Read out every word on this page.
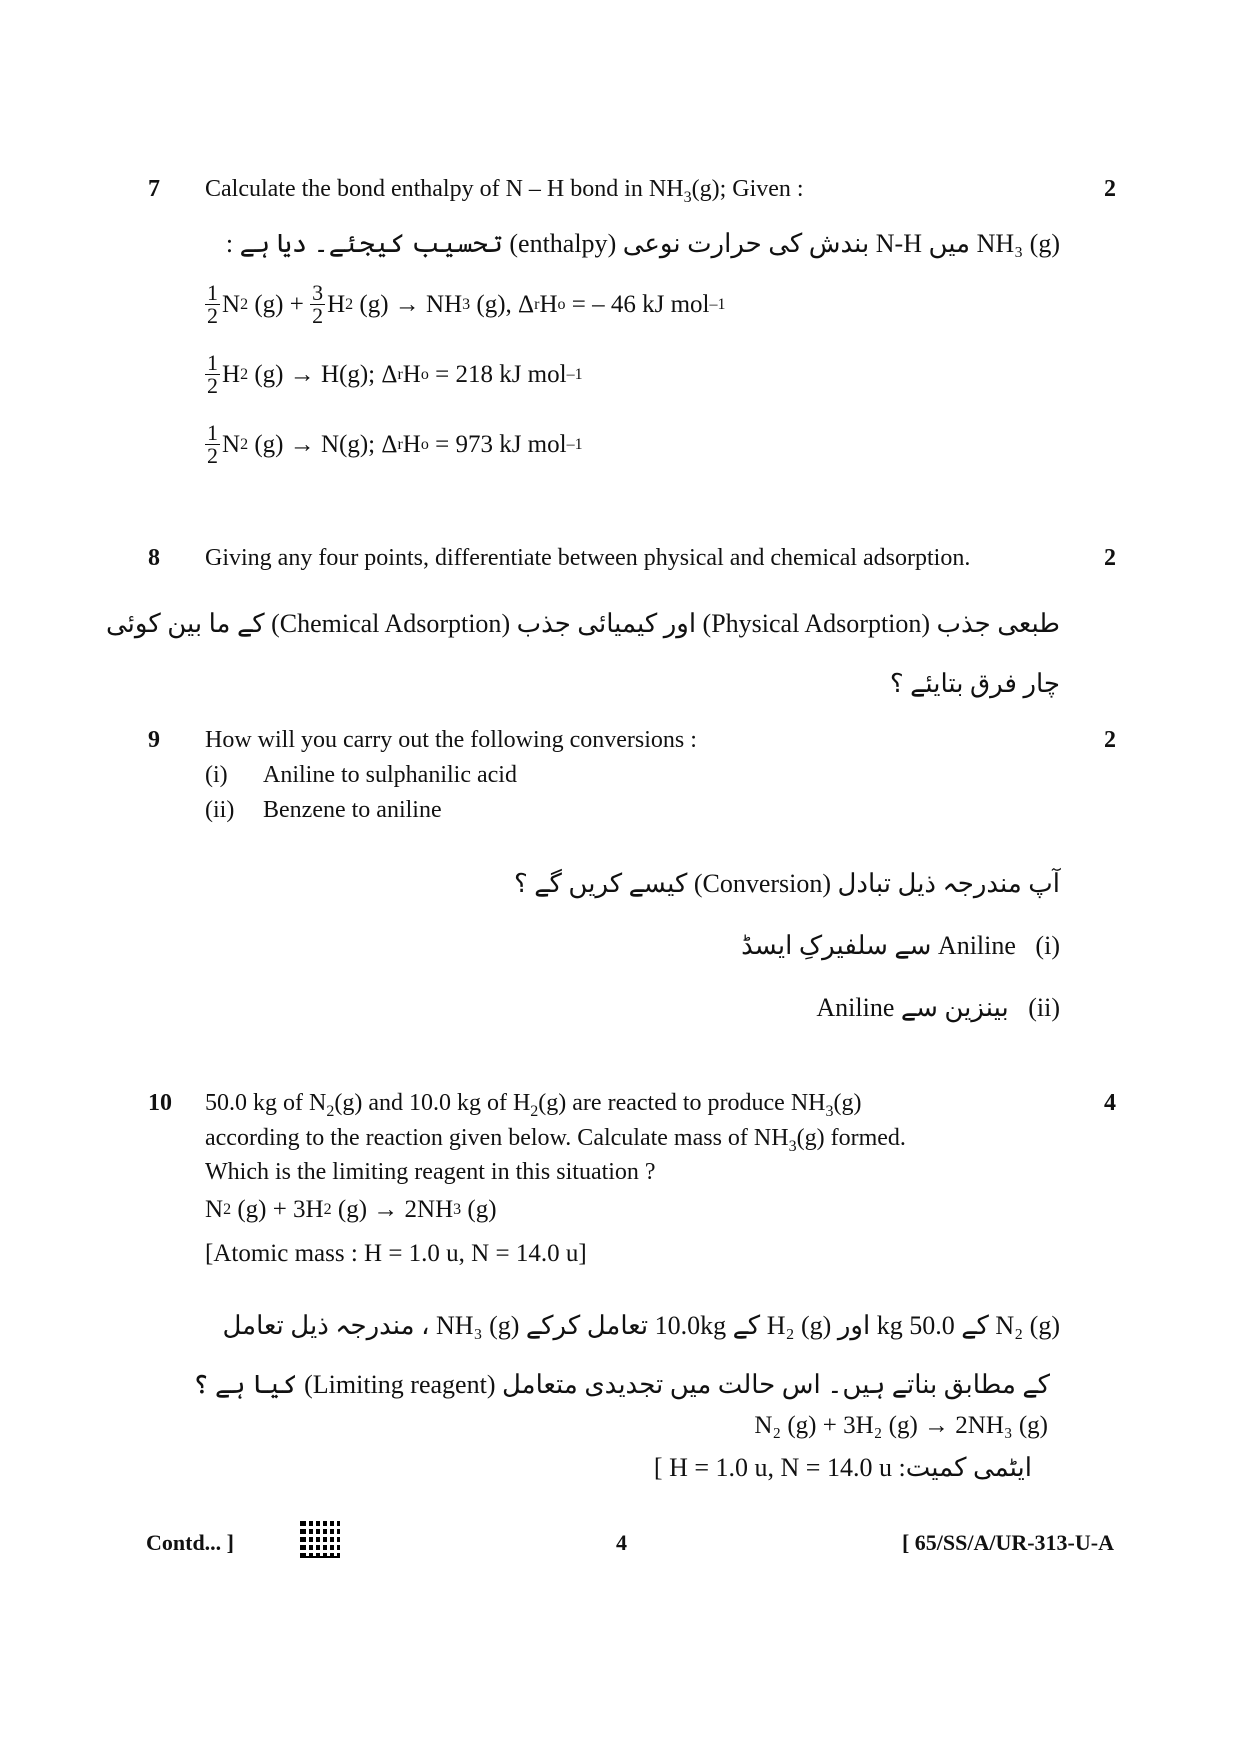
7 Calculate the bond enthalpy of N – H bond in $NH_3(g)$; Given :	2
NH₃ (g) میں N-H بندش کی حرارت نوعی (enthalpy) تحسیب کیجئے۔ دیا ہے :
$\frac{1}{2}$ N 2 $(g) + \frac{3}{2}$ H 2 (g) → NH 3 (g), Δ r H o = – 46 kJ mol –1
$\frac{1}{2}$ H 2 (g) → H(g); Δ r H o = 218 kJ mol –1
$\frac{1}{2}$ N 2 (g) → N(g); Δ r H o = 973 kJ mol –1
8 Giving any four points, differentiate between physical and chemical adsorption.	2
طبعی جذب (Physical Adsorption) اور کیمیائی جذب (Chemical Adsorption) کے ما بین کوئی
چار فرق بتایئے ؟
9 How will you carry out the following conversions :	2
(i) Aniline to sulphanilic acid
(ii) Benzene to aniline
آپ مندرجہ ذیل تبادل (Conversion) کیسے کریں گے ؟
(i)   Aniline سے سلفیرکِ ایسڈ
(ii)   بینزین سے Aniline
10 50.0 kg of $N_2(g)$ and 10.0 kg of $H_2(g)$ are reacted to produce $NH_3(g)$	4
according to the reaction given below. Calculate mass of $NH_3(g)$ formed.
Which is the limiting reagent in this situation ?
N 2 (g) + 3H 2 (g) → 2NH 3 (g)
[Atomic mass : H = 1.0 u, N = 14.0 u]
N₂ (g) کے 50.0 kg اور H₂ (g) کے 10.0kg تعامل کرکے NH₃ (g) ، مندرجہ ذیل تعامل
کے مطابق بناتے ہیں۔ اس حالت میں تجدیدی متعامل (Limiting reagent) کیا ہے ؟
N₂ (g) + 3H₂ (g) → 2NH₃ (g)
ایٹمی کمیت: H = 1.0 u, N = 14.0 u ]
Contd... ]	4	[ 65/SS/A/UR-313-U-A
